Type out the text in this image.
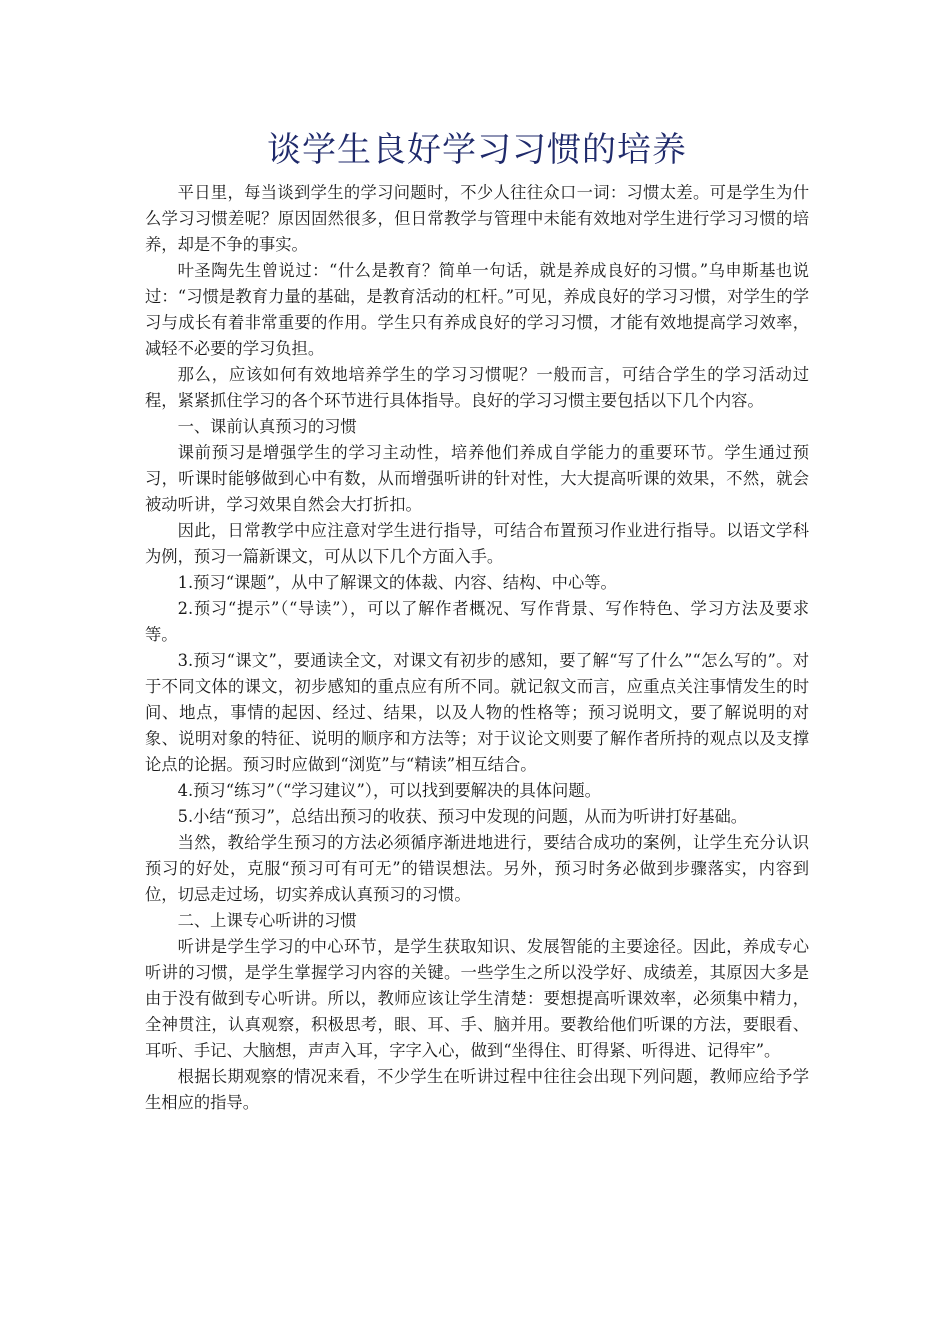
谈学生良好学习习惯的培养

平日里，每当谈到学生的学习问题时，不少人往往众口一词：习惯太差。可是学生为什么学习习惯差呢？原因固然很多，但日常教学与管理中未能有效地对学生进行学习习惯的培养，却是不争的事实。

叶圣陶先生曾说过：“什么是教育？简单一句话，就是养成良好的习惯。”乌申斯基也说过：“习惯是教育力量的基础，是教育活动的杠杆。”可见，养成良好的学习习惯，对学生的学习与成长有着非常重要的作用。学生只有养成良好的学习习惯，才能有效地提高学习效率，减轻不必要的学习负担。

那么，应该如何有效地培养学生的学习习惯呢？一般而言，可结合学生的学习活动过程，紧紧抓住学习的各个环节进行具体指导。良好的学习习惯主要包括以下几个内容。

一、课前认真预习的习惯

课前预习是增强学生的学习主动性，培养他们养成自学能力的重要环节。学生通过预习，听课时能够做到心中有数，从而增强听讲的针对性，大大提高听课的效果，不然，就会被动听讲，学习效果自然会大打折扣。

因此，日常教学中应注意对学生进行指导，可结合布置预习作业进行指导。以语文学科为例，预习一篇新课文，可从以下几个方面入手。

1.预习“课题”，从中了解课文的体裁、内容、结构、中心等。

2.预习“提示”（“导读”），可以了解作者概况、写作背景、写作特色、学习方法及要求等。

3.预习“课文”，要通读全文，对课文有初步的感知，要了解“写了什么”“怎么写的”。对于不同文体的课文，初步感知的重点应有所不同。就记叙文而言，应重点关注事情发生的时间、地点，事情的起因、经过、结果，以及人物的性格等；预习说明文，要了解说明的对象、说明对象的特征、说明的顺序和方法等；对于议论文则要了解作者所持的观点以及支撑论点的论据。预习时应做到“浏览”与“精读”相互结合。

4.预习“练习”（“学习建议”），可以找到要解决的具体问题。

5.小结“预习”，总结出预习的收获、预习中发现的问题，从而为听讲打好基础。

当然，教给学生预习的方法必须循序渐进地进行，要结合成功的案例，让学生充分认识预习的好处，克服“预习可有可无”的错误想法。另外，预习时务必做到步骤落实，内容到位，切忌走过场，切实养成认真预习的习惯。

二、上课专心听讲的习惯

听讲是学生学习的中心环节，是学生获取知识、发展智能的主要途径。因此，养成专心听讲的习惯，是学生掌握学习内容的关键。一些学生之所以没学好、成绩差，其原因大多是由于没有做到专心听讲。所以，教师应该让学生清楚：要想提高听课效率，必须集中精力，全神贯注，认真观察，积极思考，眼、耳、手、脑并用。要教给他们听课的方法，要眼看、耳听、手记、大脑想，声声入耳，字字入心，做到“坐得住、盯得紧、听得进、记得牢”。

根据长期观察的情况来看，不少学生在听讲过程中往往会出现下列问题，教师应给予学生相应的指导。
